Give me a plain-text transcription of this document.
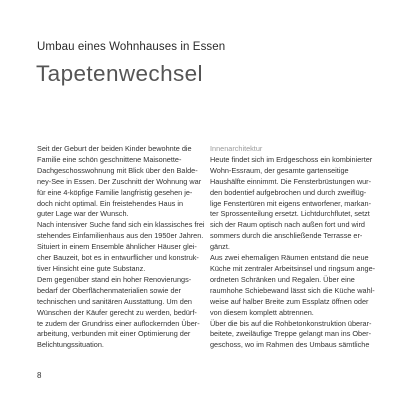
Umbau eines Wohnhauses in Essen
Tapetenwechsel
Seit der Geburt der beiden Kinder bewohnte die
Familie eine schön geschnittene Maisonette-
Dachgeschosswohnung mit Blick über den Balde-
ney-See in Essen. Der Zuschnitt der Wohnung war
für eine 4-köpfige Familie langfristig gesehen je-
doch nicht optimal. Ein freistehendes Haus in
guter Lage war der Wunsch.
Nach intensiver Suche fand sich ein klassisches frei
stehendes Einfamilienhaus aus den 1950er Jahren.
Situiert in einem Ensemble ähnlicher Häuser glei-
cher Bauzeit, bot es in entwurflicher und konstruk-
tiver Hinsicht eine gute Substanz.
Dem gegenüber stand ein hoher Renovierungs-
bedarf der Oberflächenmaterialien sowie der
technischen und sanitären Ausstattung. Um den
Wünschen der Käufer gerecht zu werden, bedürf-
te zudem der Grundriss einer auflockernden Über-
arbeitung, verbunden mit einer Optimierung der
Belichtungssituation.
Innenarchitektur
Heute findet sich im Erdgeschoss ein kombinierter
Wohn-Essraum, der gesamte gartenseitige
Haushälfte einnimmt. Die Fensterbrüstungen wur-
den bodentief aufgebrochen und durch zweiflüg-
lige Fenstertüren mit eigens entworfener, markan-
ter Sprossenteilung ersetzt. Lichtdurchflutet, setzt
sich der Raum optisch nach außen fort und wird
sommers durch die anschließende Terrasse er-
gänzt.
Aus zwei ehemaligen Räumen entstand die neue
Küche mit zentraler Arbeitsinsel und ringsum ange-
ordneten Schränken und Regalen. Über eine
raumhohe Schiebewand lässt sich die Küche wahl-
weise auf halber Breite zum Essplatz öffnen oder
von diesem komplett abtrennen.
Über die bis auf die Rohbetonkonstruktion überar-
beitete, zweiläufige Treppe gelangt man ins Ober-
geschoss, wo im Rahmen des Umbaus sämtliche
8
